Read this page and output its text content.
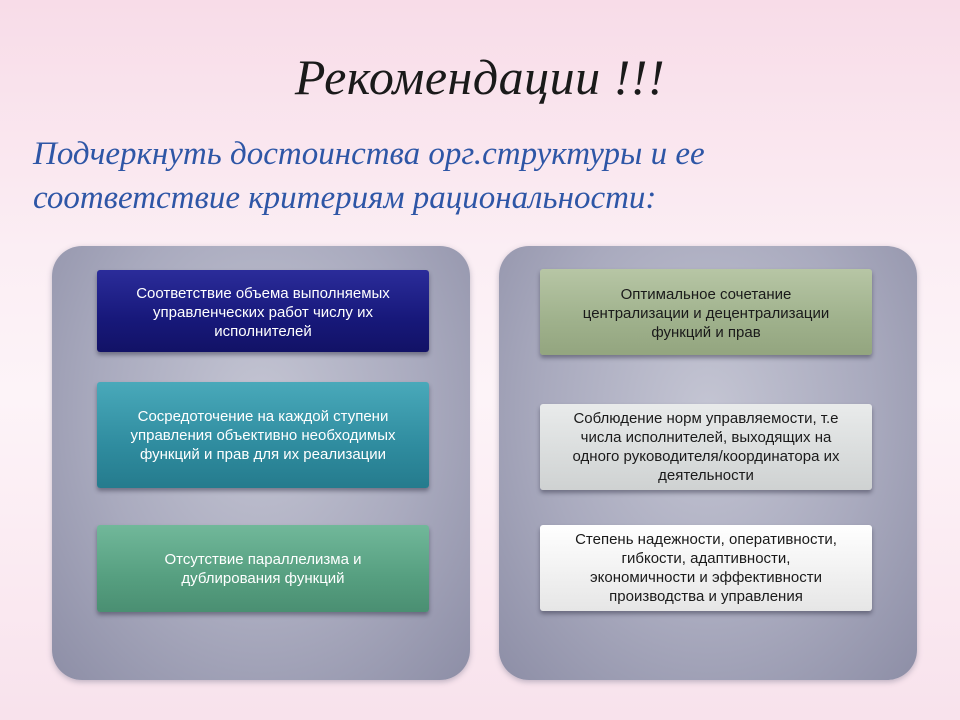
Рекомендации !!!

Подчеркнуть достоинства орг.структуры и ее
соответствие критериям рациональности:

Соответствие объема выполняемых
управленческих работ числу их
исполнителей
Сосредоточение на каждой ступени
управления объективно необходимых
функций и прав для их реализации
Отсутствие параллелизма и
дублирования функций
Оптимальное сочетание
централизации и децентрализации
функций и прав
Соблюдение норм управляемости, т.е
числа исполнителей, выходящих на
одного руководителя/координатора их
деятельности
Степень надежности, оперативности,
гибкости, адаптивности,
экономичности и эффективности
производства и управления
